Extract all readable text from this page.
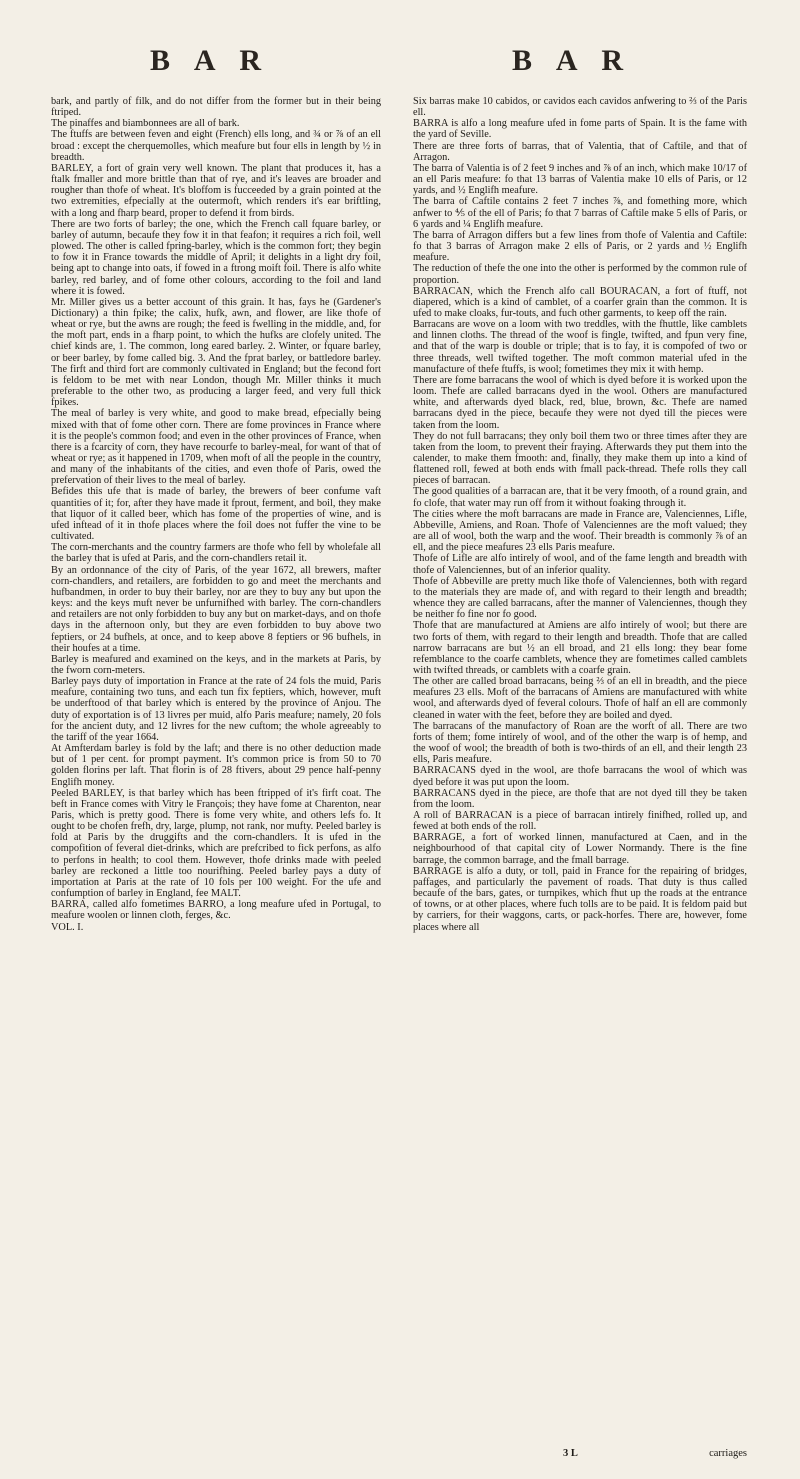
B A R	B A R

bark, and partly of filk, and do not differ from the former but in their being ftriped.

The pinaffes and biambonnees are all of bark.

The ftuffs are between feven and eight (French) ells long, and ¾ or ⅞ of an ell broad : except the cherquemolles, which meafure but four ells in length by ½ in breadth.

BARLEY, a fort of grain very well known. The plant that produces it, has a ftalk fmaller and more brittle than that of rye, and it's leaves are broader and rougher than thofe of wheat. It's bloffom is fucceeded by a grain pointed at the two extremities, efpecially at the outermoft, which renders it's ear briftling, with a long and fharp beard, proper to defend it from birds.

There are two forts of barley; the one, which the French call fquare barley, or barley of autumn, becaufe they fow it in that feafon; it requires a rich foil, well plowed. The other is called fpring-barley, which is the common fort; they begin to fow it in France towards the middle of April; it delights in a light dry foil, being apt to change into oats, if fowed in a ftrong moift foil. There is alfo white barley, red barley, and of fome other colours, according to the foil and land where it is fowed.

Mr. Miller gives us a better account of this grain. It has, fays he (Gardener's Dictionary) a thin fpike; the calix, hufk, awn, and flower, are like thofe of wheat or rye, but the awns are rough; the feed is fwelling in the middle, and, for the moft part, ends in a fharp point, to which the hufks are clofely united. The chief kinds are, 1. The common, long eared barley. 2. Winter, or fquare barley, or beer barley, by fome called big. 3. And the fprat barley, or battledore barley. The firft and third fort are commonly cultivated in England; but the fecond fort is feldom to be met with near London, though Mr. Miller thinks it much preferable to the other two, as producing a larger feed, and very full thick fpikes.

The meal of barley is very white, and good to make bread, efpecially being mixed with that of fome other corn. There are fome provinces in France where it is the people's common food; and even in the other provinces of France, when there is a fcarcity of corn, they have recourfe to barley-meal, for want of that of wheat or rye; as it happened in 1709, when moft of all the people in the country, and many of the inhabitants of the cities, and even thofe of Paris, owed the prefervation of their lives to the meal of barley.

Befides this ufe that is made of barley, the brewers of beer confume vaft quantities of it; for, after they have made it fprout, ferment, and boil, they make that liquor of it called beer, which has fome of the properties of wine, and is ufed inftead of it in thofe places where the foil does not fuffer the vine to be cultivated.

The corn-merchants and the country farmers are thofe who fell by wholefale all the barley that is ufed at Paris, and the corn-chandlers retail it.

By an ordonnance of the city of Paris, of the year 1672, all brewers, mafter corn-chandlers, and retailers, are forbidden to go and meet the merchants and hufbandmen, in order to buy their barley, nor are they to buy any but upon the keys: and the keys muft never be unfurnifhed with barley. The corn-chandlers and retailers are not only forbidden to buy any but on market-days, and on thofe days in the afternoon only, but they are even forbidden to buy above two feptiers, or 24 bufhels, at once, and to keep above 8 feptiers or 96 bufhels, in their houfes at a time.

Barley is meafured and examined on the keys, and in the markets at Paris, by the fworn corn-meters.

Barley pays duty of importation in France at the rate of 24 fols the muid, Paris meafure, containing two tuns, and each tun fix feptiers, which, however, muft be underftood of that barley which is entered by the province of Anjou. The duty of exportation is of 13 livres per muid, alfo Paris meafure; namely, 20 fols for the ancient duty, and 12 livres for the new cuftom; the whole agreeably to the tariff of the year 1664.

At Amfterdam barley is fold by the laft; and there is no other deduction made but of 1 per cent. for prompt payment. It's common price is from 50 to 70 golden florins per laft. That florin is of 28 ftivers, about 29 pence half-penny Englifh money.

Peeled BARLEY, is that barley which has been ftripped of it's firft coat. The beft in France comes with Vitry le François; they have fome at Charenton, near Paris, which is pretty good. There is fome very white, and others lefs fo. It ought to be chofen frefh, dry, large, plump, not rank, nor mufty. Peeled barley is fold at Paris by the druggifts and the corn-chandlers. It is ufed in the compofition of feveral diet-drinks, which are prefcribed to fick perfons, as alfo to perfons in health; to cool them. However, thofe drinks made with peeled barley are reckoned a little too nourifhing. Peeled barley pays a duty of importation at Paris at the rate of 10 fols per 100 weight. For the ufe and confumption of barley in England, fee MALT.

BARRA, called alfo fometimes BARRO, a long meafure ufed in Portugal, to meafure woolen or linnen cloth, ferges, &c.

VOL. I.

Six barras make 10 cabidos, or cavidos each cavidos anfwering to ⅔ of the Paris ell.

BARRA is alfo a long meafure ufed in fome parts of Spain. It is the fame with the yard of Seville.

There are three forts of barras, that of Valentia, that of Caftile, and that of Arragon.

The barra of Valentia is of 2 feet 9 inches and ⅞ of an inch, which make 10/17 of an ell Paris meafure: fo that 13 barras of Valentia make 10 ells of Paris, or 12 yards, and ½ Englifh meafure.

The barra of Caftile contains 2 feet 7 inches ⅞, and fomething more, which anfwer to ⅘ of the ell of Paris; fo that 7 barras of Caftile make 5 ells of Paris, or 6 yards and ¼ Englifh meafure.

The barra of Arragon differs but a few lines from thofe of Valentia and Caftile: fo that 3 barras of Arragon make 2 ells of Paris, or 2 yards and ½ Englifh meafure.

The reduction of thefe the one into the other is performed by the common rule of proportion.

BARRACAN, which the French alfo call BOURACAN, a fort of ftuff, not diapered, which is a kind of camblet, of a coarfer grain than the common. It is ufed to make cloaks, fur-touts, and fuch other garments, to keep off the rain.

Barracans are wove on a loom with two treddles, with the fhuttle, like camblets and linnen cloths. The thread of the woof is fingle, twifted, and fpun very fine, and that of the warp is double or triple; that is to fay, it is compofed of two or three threads, well twifted together. The moft common material ufed in the manufacture of thefe ftuffs, is wool; fometimes they mix it with hemp.

There are fome barracans the wool of which is dyed before it is worked upon the loom. Thefe are called barracans dyed in the wool. Others are manufactured white, and afterwards dyed black, red, blue, brown, &c. Thefe are named barracans dyed in the piece, becaufe they were not dyed till the pieces were taken from the loom.

They do not full barracans; they only boil them two or three times after they are taken from the loom, to prevent their fraying. Afterwards they put them into the calender, to make them fmooth: and, finally, they make them up into a kind of flattened roll, fewed at both ends with fmall pack-thread. Thefe rolls they call pieces of barracan.

The good qualities of a barracan are, that it be very fmooth, of a round grain, and fo clofe, that water may run off from it without foaking through it.

The cities where the moft barracans are made in France are, Valenciennes, Lifle, Abbeville, Amiens, and Roan. Thofe of Valenciennes are the moft valued; they are all of wool, both the warp and the woof. Their breadth is commonly ⅞ of an ell, and the piece meafures 23 ells Paris meafure.

Thofe of Lifle are alfo intirely of wool, and of the fame length and breadth with thofe of Valenciennes, but of an inferior quality.

Thofe of Abbeville are pretty much like thofe of Valenciennes, both with regard to the materials they are made of, and with regard to their length and breadth; whence they are called barracans, after the manner of Valenciennes, though they be neither fo fine nor fo good.

Thofe that are manufactured at Amiens are alfo intirely of wool; but there are two forts of them, with regard to their length and breadth. Thofe that are called narrow barracans are but ½ an ell broad, and 21 ells long: they bear fome refemblance to the coarfe camblets, whence they are fometimes called camblets with twifted threads, or camblets with a coarfe grain.

The other are called broad barracans, being ⅔ of an ell in breadth, and the piece meafures 23 ells. Moft of the barracans of Amiens are manufactured with white wool, and afterwards dyed of feveral colours. Thofe of half an ell are commonly cleaned in water with the feet, before they are boiled and dyed.

The barracans of the manufactory of Roan are the worft of all. There are two forts of them; fome intirely of wool, and of the other the warp is of hemp, and the woof of wool; the breadth of both is two-thirds of an ell, and their length 23 ells, Paris meafure.

BARRACANS dyed in the wool, are thofe barracans the wool of which was dyed before it was put upon the loom.

BARRACANS dyed in the piece, are thofe that are not dyed till they be taken from the loom.

A roll of BARRACAN is a piece of barracan intirely finifhed, rolled up, and fewed at both ends of the roll.

BARRAGE, a fort of worked linnen, manufactured at Caen, and in the neighbourhood of that capital city of Lower Normandy. There is the fine barrage, the common barrage, and the fmall barrage.

BARRAGE is alfo a duty, or toll, paid in France for the repairing of bridges, paffages, and particularly the pavement of roads. That duty is thus called becaufe of the bars, gates, or turnpikes, which fhut up the roads at the entrance of towns, or at other places, where fuch tolls are to be paid. It is feldom paid but by carriers, for their waggons, carts, or pack-horfes. There are, however, fome places where all

3 L	carriages
